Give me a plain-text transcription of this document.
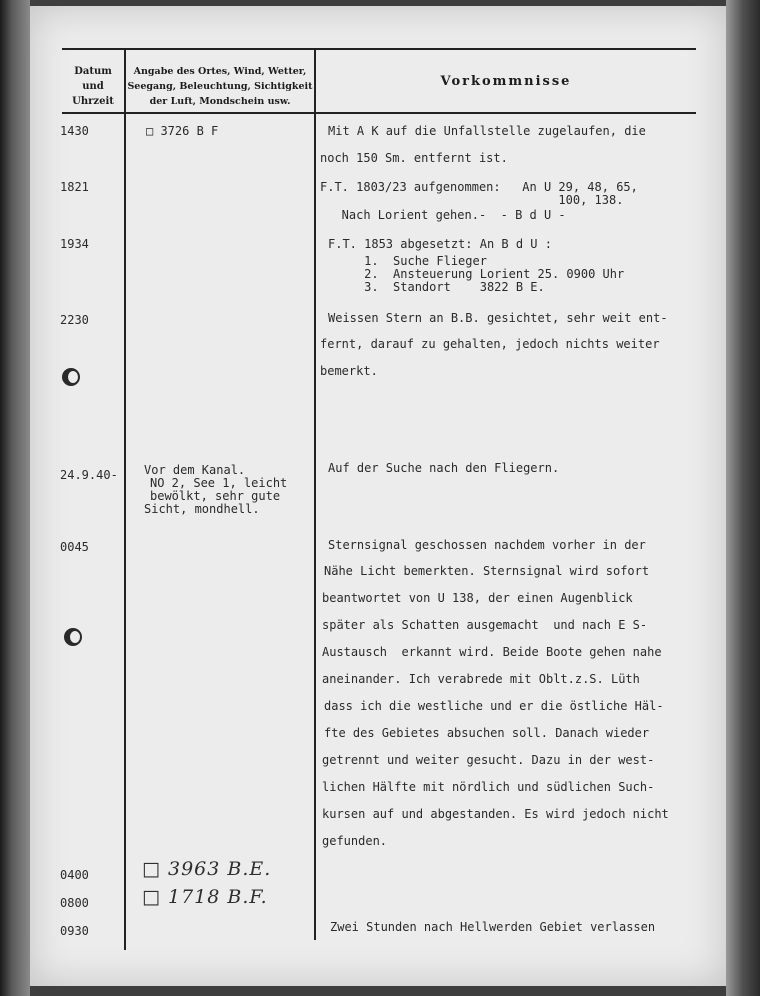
Datum
und
Uhrzeit
Angabe des Ortes, Wind, Wetter,
Seegang, Beleuchtung, Sichtigkeit
der Luft, Mondschein usw.
Vorkommnisse
1430
1821
1934
2230
24.9.40-
0045
0400
0800
0930
□ 3726 B F
Vor dem Kanal.
NO 2, See 1, leicht
bewölkt, sehr gute
Sicht, mondhell.
□ 3963 B.E.
□ 1718 B.F.
Mit A K auf die Unfallstelle zugelaufen, die
noch 150 Sm. entfernt ist.
F.T. 1803/23 aufgenommen:   An U 29, 48, 65,
100, 138.
Nach Lorient gehen.-  - B d U -
F.T. 1853 abgesetzt: An B d U :
1.  Suche Flieger
2.  Ansteuerung Lorient 25. 0900 Uhr
3.  Standort    3822 B E.
Weissen Stern an B.B. gesichtet, sehr weit ent-
fernt, darauf zu gehalten, jedoch nichts weiter
bemerkt.
Auf der Suche nach den Fliegern.
Sternsignal geschossen nachdem vorher in der
Nähe Licht bemerkten. Sternsignal wird sofort
beantwortet von U 138, der einen Augenblick
später als Schatten ausgemacht  und nach E S-
Austausch  erkannt wird. Beide Boote gehen nahe
aneinander. Ich verabrede mit Oblt.z.S. Lüth
dass ich die westliche und er die östliche Häl-
fte des Gebietes absuchen soll. Danach wieder
getrennt und weiter gesucht. Dazu in der west-
lichen Hälfte mit nördlich und südlichen Such-
kursen auf und abgestanden. Es wird jedoch nicht
gefunden.
Zwei Stunden nach Hellwerden Gebiet verlassen
